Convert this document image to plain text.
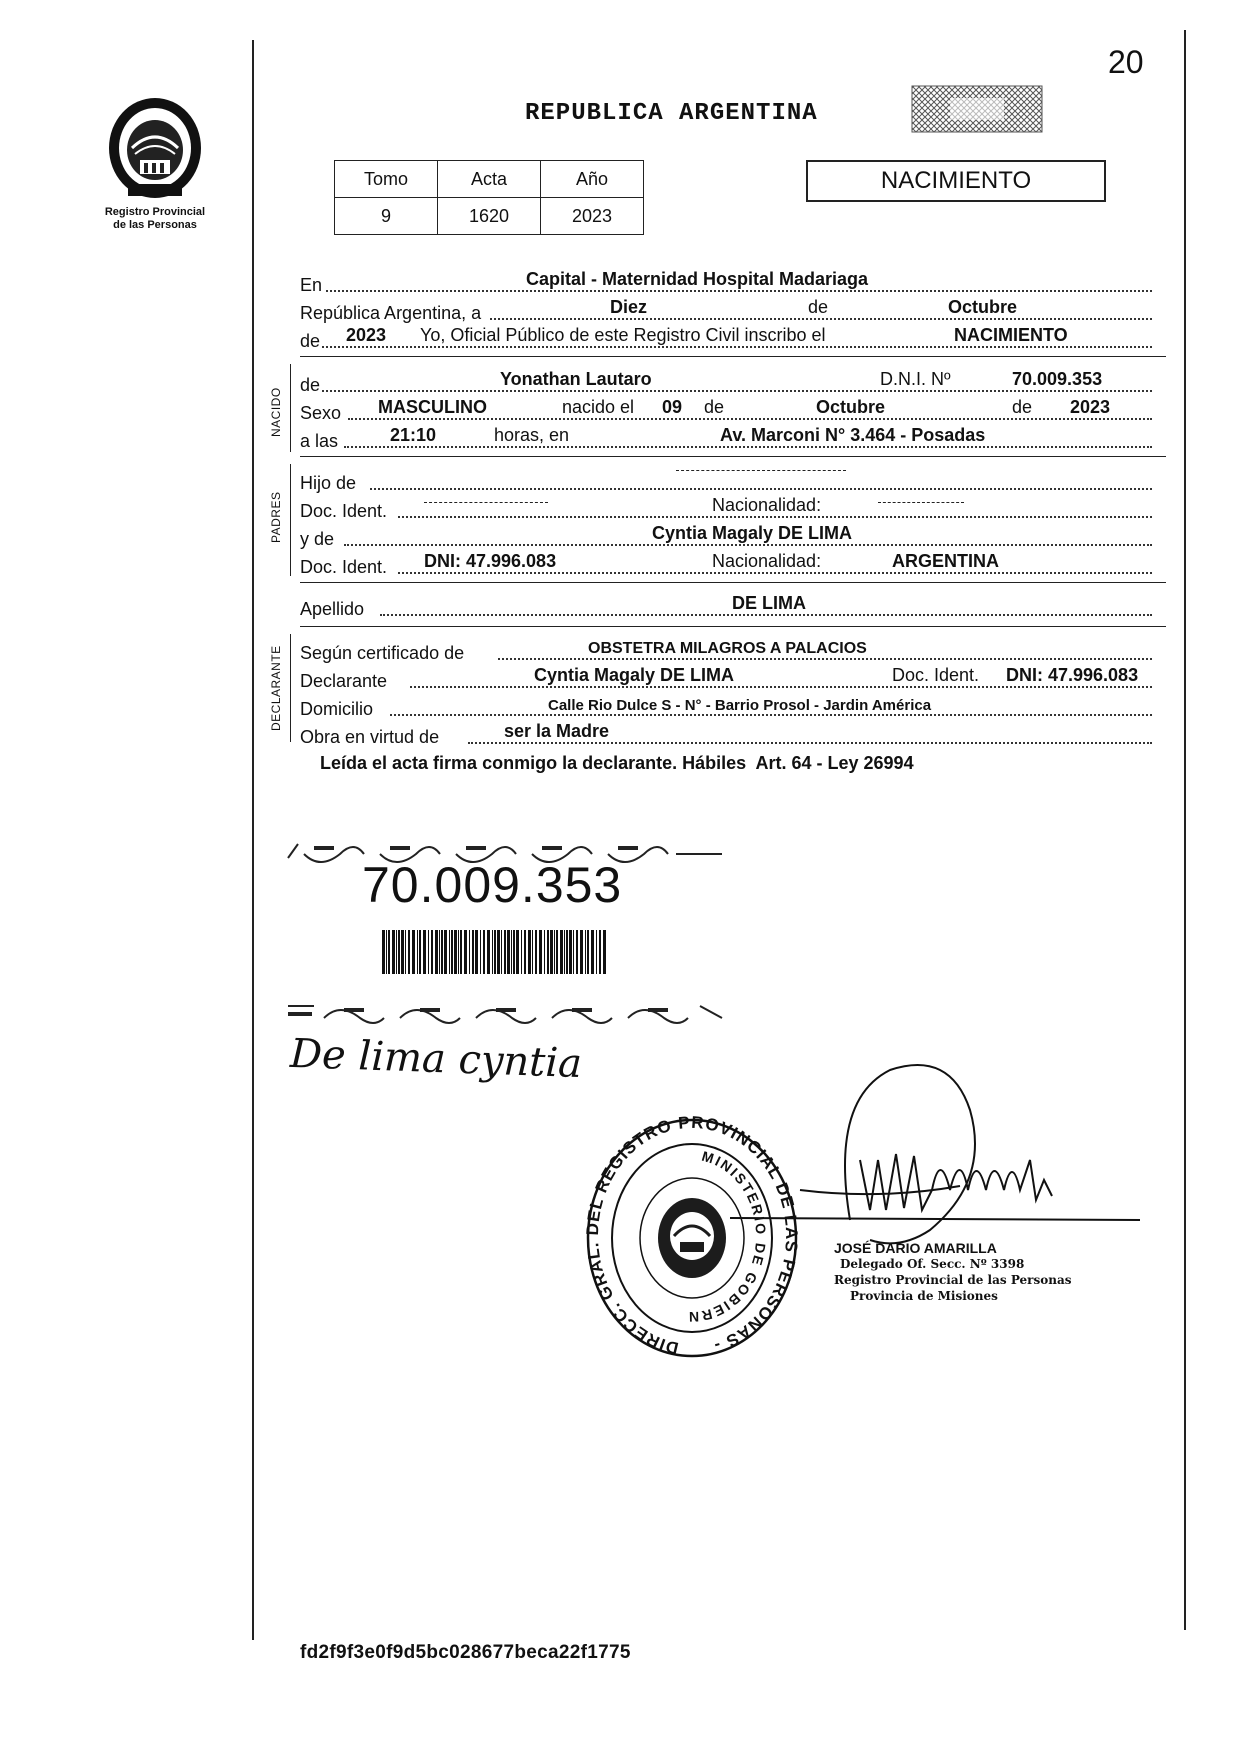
20
Registro Provincial
de las Personas
REPUBLICA ARGENTINA
Tomo	Acta	Año
9	1620	2023
NACIMIENTO
En	Capital - Maternidad Hospital Madariaga
República Argentina, a	Diez	de	Octubre
de 2023 Yo, Oficial Público de este Registro Civil inscribo el	NACIMIENTO
NACIDO
de	Yonathan Lautaro	D.N.I. Nº	70.009.353
Sexo MASCULINO	nacido el 09 de	Octubre	de 2023
a las	21:10	horas, en	Av. Marconi N° 3.464 - Posadas
PADRES
Hijo de
Doc. Ident.	Nacionalidad:
y de	Cyntia Magaly DE LIMA
Doc. Ident. DNI: 47.996.083	Nacionalidad:	ARGENTINA
Apellido	DE LIMA
DECLARANTE Según certificado de	OBSTETRA MILAGROS A PALACIOS
Declarante	Cyntia Magaly DE LIMA	Doc. Ident. DNI: 47.996.083
Domicilio	Calle Rio Dulce S - N° - Barrio Prosol - Jardin América
Obra en virtud de	ser la Madre
Leída el acta firma conmigo la declarante. Hábiles  Art. 64 - Ley 26994
70.009.353
De lima cyntia
DIRECC. GRAL. DEL REGISTRO PROVINCIAL DE LAS PERSONAS -
MINISTERIO DE GOBIERN
JOSÉ DARIO AMARILLA
Delegado Of. Secc. Nº 3398
Registro Provincial de las Personas
Provincia de Misiones
fd2f9f3e0f9d5bc028677beca22f1775
